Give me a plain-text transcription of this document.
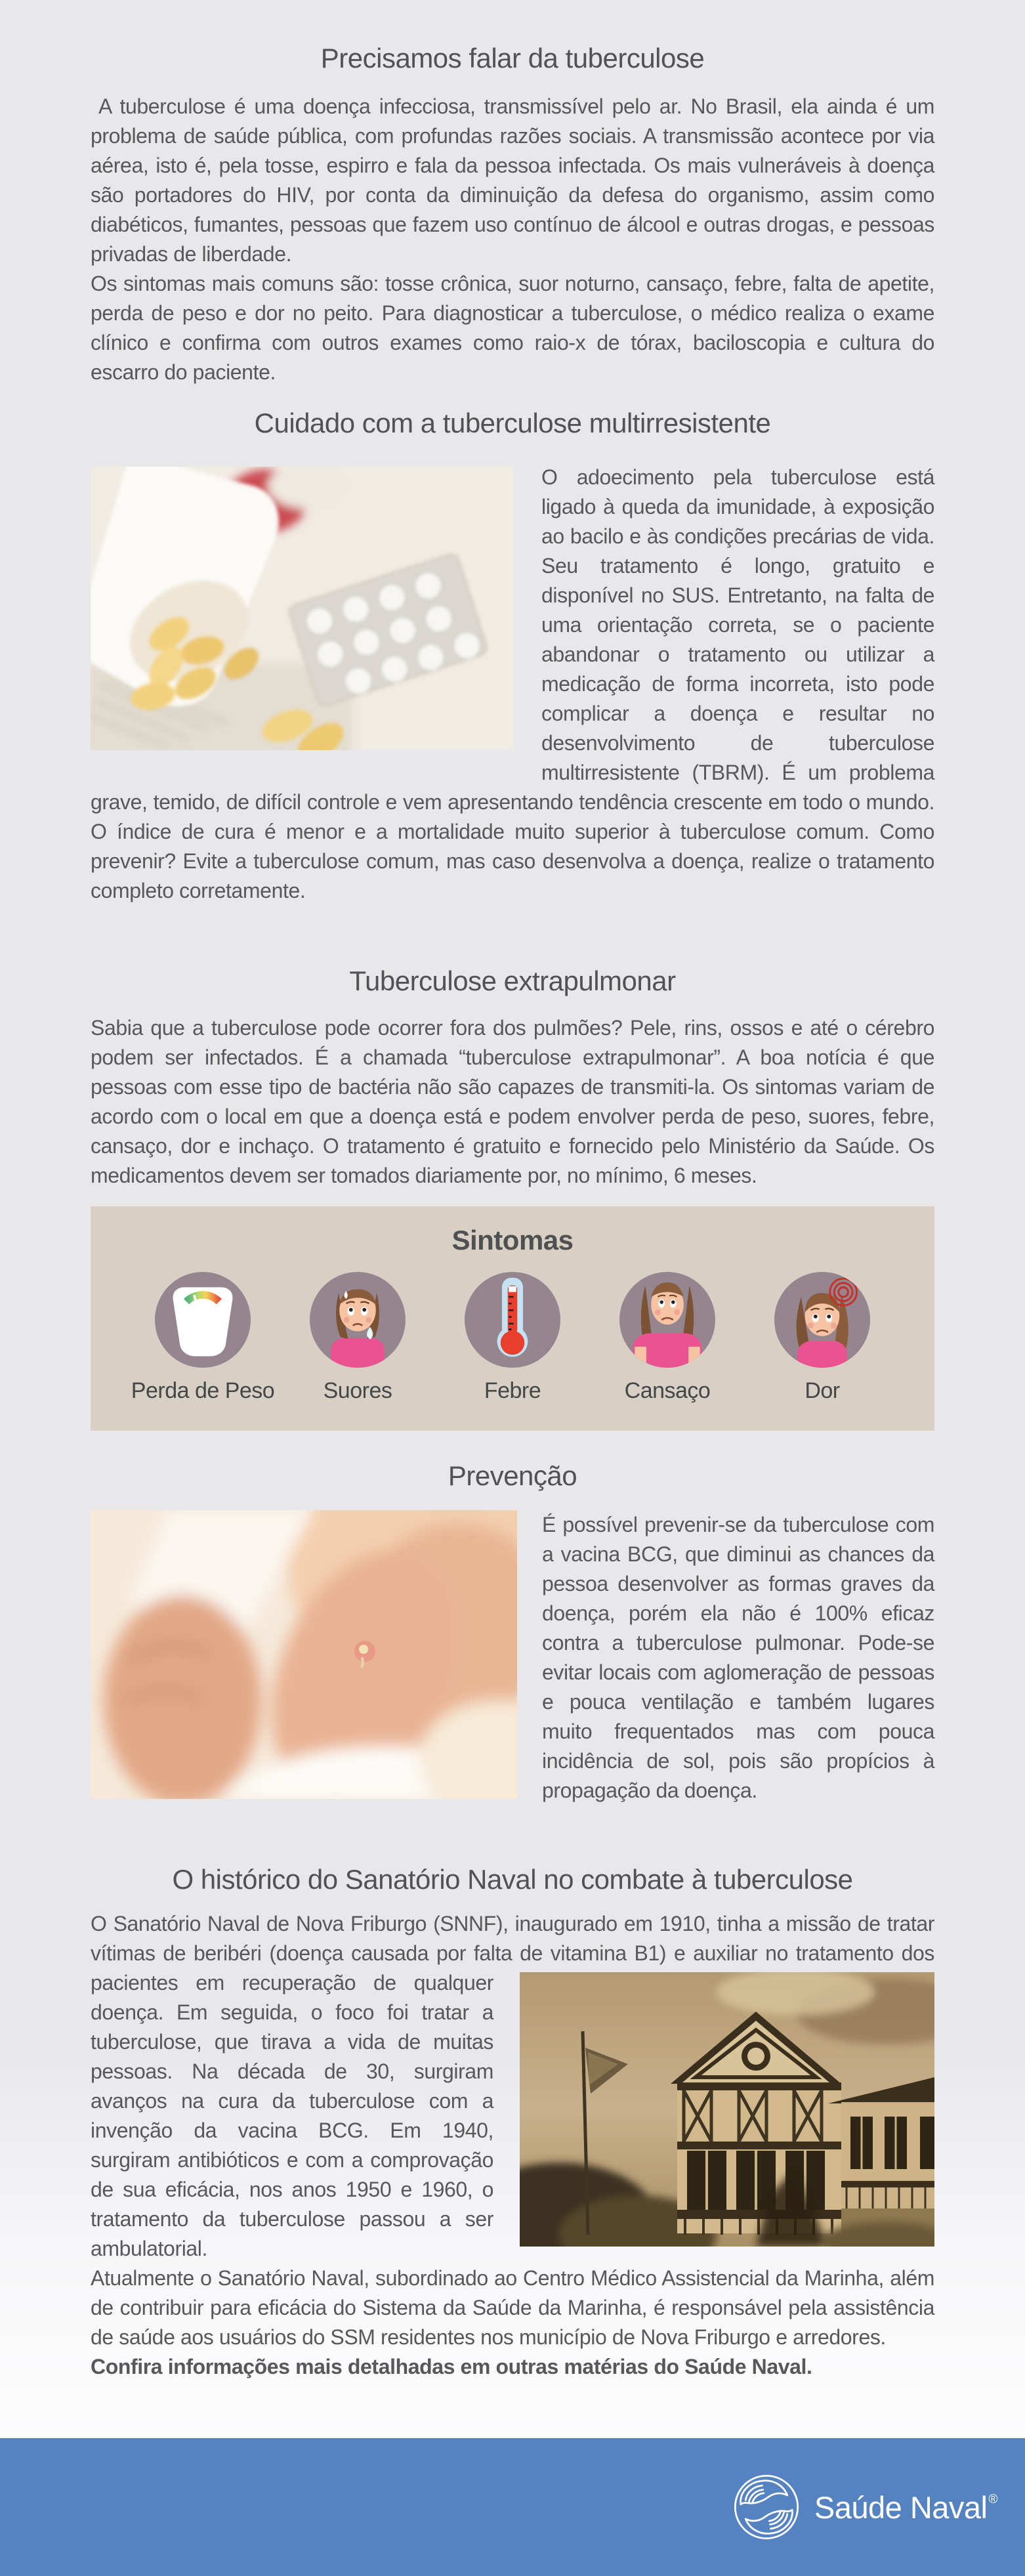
Precisamos falar da tuberculose

A tuberculose é uma doença infecciosa, transmissível pelo ar. No Brasil, ela ainda é um problema de saúde pública, com profundas razões sociais. A transmissão acontece por via aérea, isto é, pela tosse, espirro e fala da pessoa infectada. Os mais vulneráveis à doença são portadores do HIV, por conta da diminuição da defesa do organismo, assim como diabéticos, fumantes, pessoas que fazem uso contínuo de álcool e outras drogas, e pessoas privadas de liberdade.

Os sintomas mais comuns são: tosse crônica, suor noturno, cansaço, febre, falta de apetite, perda de peso e dor no peito. Para diagnosticar a tuberculose, o médico realiza o exame clínico e confirma com outros exames como raio-x de tórax, baciloscopia e cultura do escarro do paciente.

Cuidado com a tuberculose multirresistente

O adoecimento pela tuberculose está ligado à queda da imunidade, à exposição ao bacilo e às condições precárias de vida. Seu tratamento é longo, gratuito e disponível no SUS. Entretanto, na falta de uma orientação correta, se o paciente abandonar o tratamento ou utilizar a medicação de forma incorreta, isto pode complicar a doença e resultar no desenvolvimento de tuberculose multirresistente (TBRM). É um problema grave, temido, de difícil controle e vem apresentando tendência crescente em todo o mundo. O índice de cura é menor e a mortalidade muito superior à tuberculose comum. Como prevenir? Evite a tuberculose comum, mas caso desenvolva a doença, realize o tratamento completo corretamente.

Tuberculose extrapulmonar

Sabia que a tuberculose pode ocorrer fora dos pulmões? Pele, rins, ossos e até o cérebro podem ser infectados. É a chamada “tuberculose extrapulmonar”. A boa notícia é que pessoas com esse tipo de bactéria não são capazes de transmiti-la. Os sintomas variam de acordo com o local em que a doença está e podem envolver perda de peso, suores, febre, cansaço, dor e inchaço. O tratamento é gratuito e fornecido pelo Ministério da Saúde. Os medicamentos devem ser tomados diariamente por, no mínimo, 6 meses.

Sintomas
Perda de Peso Suores	Febre	Cansaço	Dor
Prevenção

É possível prevenir-se da tuberculose com a vacina BCG, que diminui as chances da pessoa desenvolver as formas graves da doença, porém ela não é 100% eficaz contra a tuberculose pulmonar. Pode-se evitar locais com aglomeração de pessoas e pouca ventilação e também lugares muito frequentados mas com pouca incidência de sol, pois são propícios à propagação da doença.

O histórico do Sanatório Naval no combate à tuberculose

O Sanatório Naval de Nova Friburgo (SNNF), inaugurado em 1910, tinha a missão de tratar vítimas de beribéri (doença causada por falta de vitamina B1) e auxiliar no tratamento dos

pacientes em recuperação de qualquer doença. Em seguida, o foco foi tratar a tuberculose, que tirava a vida de muitas pessoas. Na década de 30, surgiram avanços na cura da tuberculose com a invenção da vacina BCG. Em 1940, surgiram antibióticos e com a comprovação de sua eficácia, nos anos 1950 e 1960, o tratamento da tuberculose passou a ser ambulatorial.

Atualmente o Sanatório Naval, subordinado ao Centro Médico Assistencial da Marinha, além de contribuir para eficácia do Sistema da Saúde da Marinha, é responsável pela assistência de saúde aos usuários do SSM residentes nos município de Nova Friburgo e arredores.

Confira informações mais detalhadas em outras matérias do Saúde Naval.

Saúde Naval®
